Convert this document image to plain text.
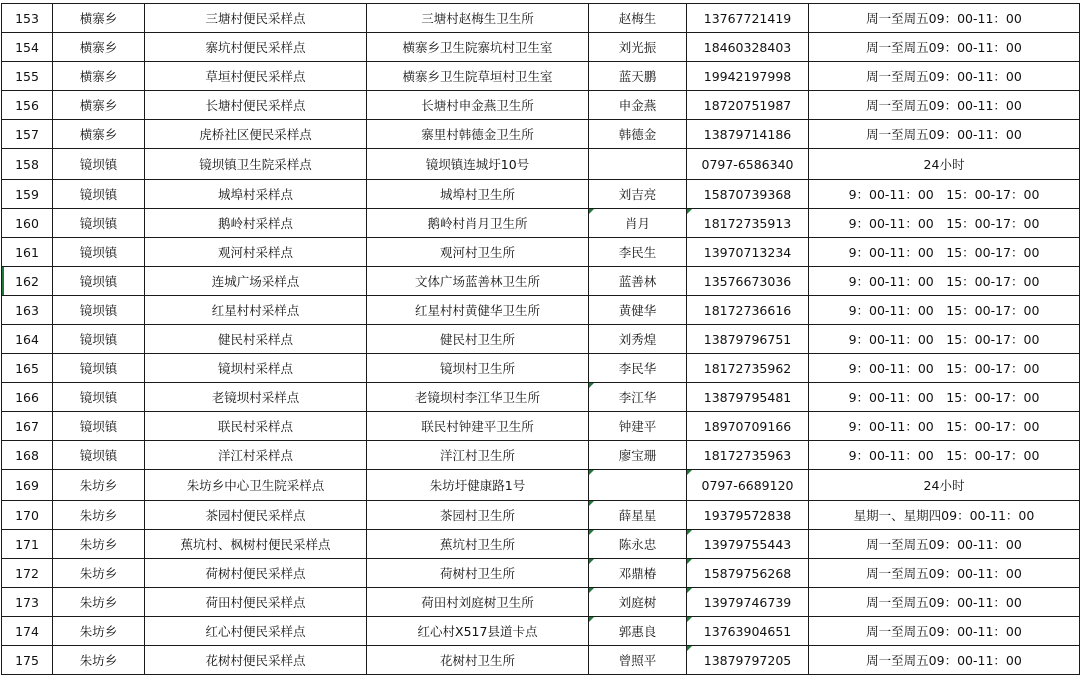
153	横寨乡	三塘村便民采样点	三塘村赵梅生卫生所	赵梅生	13767721419	周一至周五09：00-11：00
154	横寨乡	寨坑村便民采样点	横寨乡卫生院寨坑村卫生室	刘光振	18460328403	周一至周五09：00-11：00
155	横寨乡	草垣村便民采样点	横寨乡卫生院草垣村卫生室	蓝天鹏	19942197998	周一至周五09：00-11：00
156	横寨乡	长塘村便民采样点	长塘村申金燕卫生所	申金燕	18720751987	周一至周五09：00-11：00
157	横寨乡	虎桥社区便民采样点	寨里村韩德金卫生所	韩德金	13879714186	周一至周五09：00-11：00
158	镜坝镇	镜坝镇卫生院采样点	镜坝镇连城圩10号		0797-6586340	24小时
159	镜坝镇	城埠村采样点	城埠村卫生所	刘吉亮	15870739368	9：00-11：00　15：00-17：00
160	镜坝镇	鹅岭村采样点	鹅岭村肖月卫生所	肖月	18172735913	9：00-11：00　15：00-17：00
161	镜坝镇	观河村采样点	观河村卫生所	李民生	13970713234	9：00-11：00　15：00-17：00
162	镜坝镇	连城广场采样点	文体广场蓝善林卫生所	蓝善林	13576673036	9：00-11：00　15：00-17：00
163	镜坝镇	红星村村采样点	红星村村黄健华卫生所	黄健华	18172736616	9：00-11：00　15：00-17：00
164	镜坝镇	健民村采样点	健民村卫生所	刘秀煌	13879796751	9：00-11：00　15：00-17：00
165	镜坝镇	镜坝村采样点	镜坝村卫生所	李民华	18172735962	9：00-11：00　15：00-17：00
166	镜坝镇	老镜坝村采样点	老镜坝村李江华卫生所	李江华	13879795481	9：00-11：00　15：00-17：00
167	镜坝镇	联民村采样点	联民村钟建平卫生所	钟建平	18970709166	9：00-11：00　15：00-17：00
168	镜坝镇	洋江村采样点	洋江村卫生所	廖宝珊	18172735963	9：00-11：00　15：00-17：00
169	朱坊乡	朱坊乡中心卫生院采样点	朱坊圩健康路1号		0797-6689120	24小时
170	朱坊乡	茶园村便民采样点	茶园村卫生所	薛星星	19379572838	星期一、星期四09：00-11：00
171	朱坊乡	蕉坑村、枫树村便民采样点	蕉坑村卫生所	陈永忠	13979755443	周一至周五09：00-11：00
172	朱坊乡	荷树村便民采样点	荷树村卫生所	邓鼎椿	15879756268	周一至周五09：00-11：00
173	朱坊乡	荷田村便民采样点	荷田村刘庭树卫生所	刘庭树	13979746739	周一至周五09：00-11：00
174	朱坊乡	红心村便民采样点	红心村X517县道卡点	郭惠良	13763904651	周一至周五09：00-11：00
175	朱坊乡	花树村便民采样点	花树村卫生所	曾照平	13879797205	周一至周五09：00-11：00
